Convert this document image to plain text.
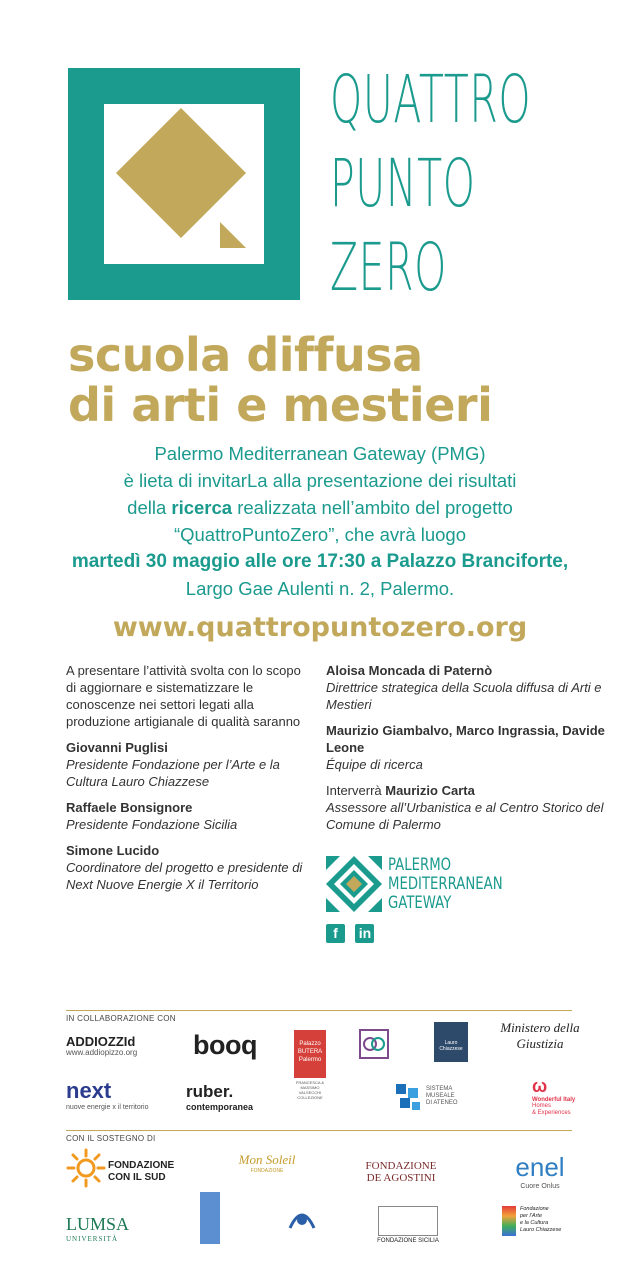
QUATTRO
PUNTO
ZERO
scuola diffusa
di arti e mestieri
Palermo Mediterranean Gateway (PMG)
è lieta di invitarLa alla presentazione dei risultati
della ricerca realizzata nell’ambito del progetto
“QuattroPuntoZero”, che avrà luogo
martedì 30 maggio alle ore 17:30 a Palazzo Branciforte,
Largo Gae Aulenti n. 2, Palermo.
www.quattropuntozero.org
A presentare l’attività svolta con lo scopo di aggiornare e sistematizzare le conoscenze nei settori legati alla produzione artigianale di qualità saranno
Giovanni Puglisi
Presidente Fondazione per l’Arte e la Cultura Lauro Chiazzese
Raffaele Bonsignore
Presidente Fondazione Sicilia
Simone Lucido
Coordinatore del progetto e presidente di Next Nuove Energie X il Territorio
Aloisa Moncada di Paternò
Direttrice strategica della Scuola diffusa di Arti e Mestieri
Maurizio Giambalvo, Marco Ingrassia, Davide Leone
Équipe di ricerca
Interverrà Maurizio Carta
Assessore all’Urbanistica e al Centro Storico del Comune di Palermo
PALERMO
MEDITERRANEAN
GATEWAY
f in
IN COLLABORAZIONE CON
ADDIOZZId
www.addiopizzo.org	booq	Palazzo
BUTERA
Palermo
FRANCESCA & MASSIMO VALSECCHI COLLEZIONE
Lauro Chiazzese
Ministero della
Giustizia
next
nuove energie x il territorio
ruber.
contemporanea
SISTEMA
MUSEALE
DI ATENEO
ω
Wonderful Italy
Homes
& Experiences
CON IL SOSTEGNO DI
FONDAZIONE
CON IL SUD
Mon Soleil
FONDAZIONE	FONDAZIONE
DE AGOSTINI	enel
Cuore Onlus
LUMSA
UNIVERSITÀ	FONDAZIONE SICILIA
Fondazione
per l’Arte
e la Cultura
Lauro Chiazzese
